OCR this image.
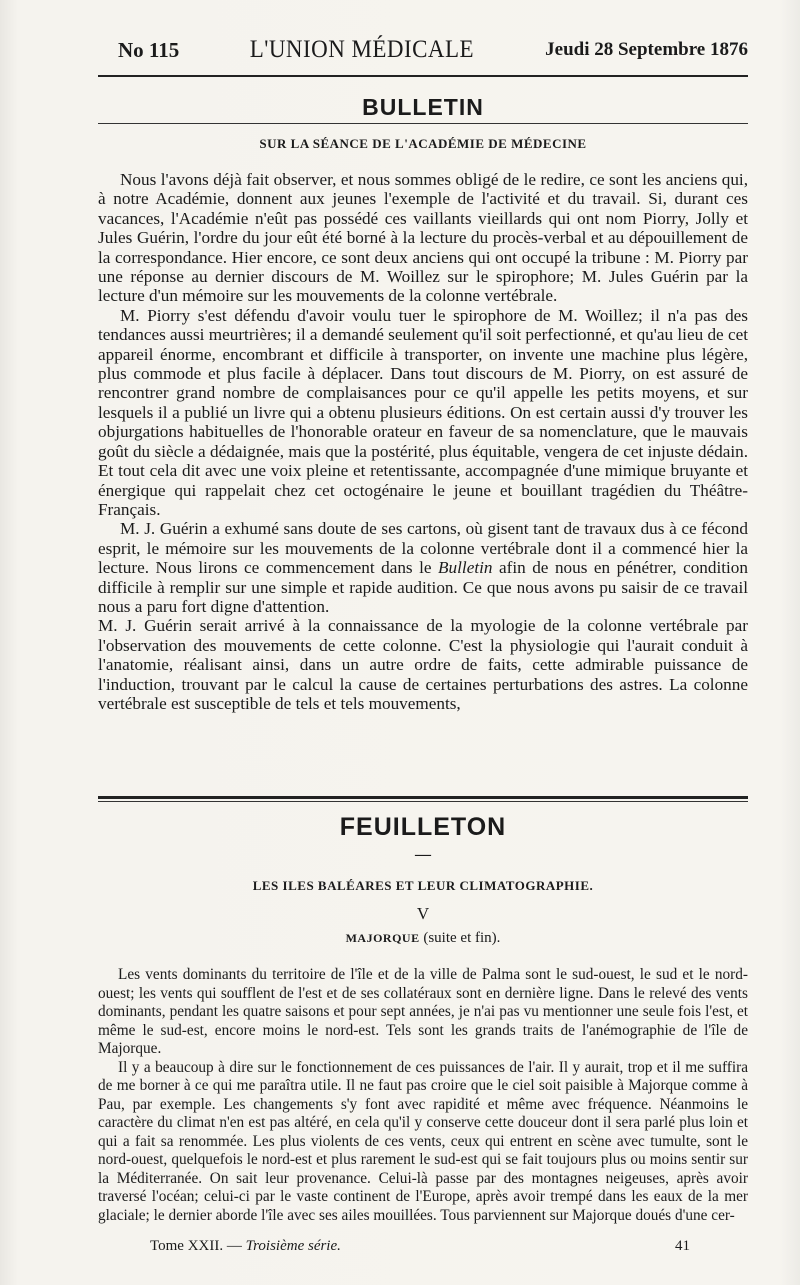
No 115	L'UNION MÉDICALE	Jeudi 28 Septembre 1876
BULLETIN
SUR LA SÉANCE DE L'ACADÉMIE DE MÉDECINE

Nous l'avons déjà fait observer, et nous sommes obligé de le redire, ce sont les anciens qui, à notre Académie, donnent aux jeunes l'exemple de l'activité et du travail. Si, durant ces vacances, l'Académie n'eût pas possédé ces vaillants vieillards qui ont nom Piorry, Jolly et Jules Guérin, l'ordre du jour eût été borné à la lecture du procès-verbal et au dépouillement de la correspondance. Hier encore, ce sont deux anciens qui ont occupé la tribune : M. Piorry par une réponse au dernier discours de M. Woillez sur le spirophore; M. Jules Guérin par la lecture d'un mémoire sur les mouvements de la colonne vertébrale.

M. Piorry s'est défendu d'avoir voulu tuer le spirophore de M. Woillez; il n'a pas des tendances aussi meurtrières; il a demandé seulement qu'il soit perfectionné, et qu'au lieu de cet appareil énorme, encombrant et difficile à transporter, on invente une machine plus légère, plus commode et plus facile à déplacer. Dans tout discours de M. Piorry, on est assuré de rencontrer grand nombre de complaisances pour ce qu'il appelle les petits moyens, et sur lesquels il a publié un livre qui a obtenu plusieurs éditions. On est certain aussi d'y trouver les objurgations habituelles de l'honorable orateur en faveur de sa nomenclature, que le mauvais goût du siècle a dédaignée, mais que la postérité, plus équitable, vengera de cet injuste dédain. Et tout cela dit avec une voix pleine et retentissante, accompagnée d'une mimique bruyante et énergique qui rappelait chez cet octogénaire le jeune et bouillant tragédien du Théâtre-Français.

M. J. Guérin a exhumé sans doute de ses cartons, où gisent tant de travaux dus à ce fécond esprit, le mémoire sur les mouvements de la colonne vertébrale dont il a commencé hier la lecture. Nous lirons ce commencement dans le Bulletin afin de nous en pénétrer, condition difficile à remplir sur une simple et rapide audition. Ce que nous avons pu saisir de ce travail nous a paru fort digne d'attention.

M. J. Guérin serait arrivé à la connaissance de la myologie de la colonne vertébrale par l'observation des mouvements de cette colonne. C'est la physiologie qui l'aurait conduit à l'anatomie, réalisant ainsi, dans un autre ordre de faits, cette admirable puissance de l'induction, trouvant par le calcul la cause de certaines perturbations des astres. La colonne vertébrale est susceptible de tels et tels mouvements,

FEUILLETON
—
LES ILES BALÉARES ET LEUR CLIMATOGRAPHIE.
V
MAJORQUE (suite et fin).

Les vents dominants du territoire de l'île et de la ville de Palma sont le sud-ouest, le sud et le nord-ouest; les vents qui soufflent de l'est et de ses collatéraux sont en dernière ligne. Dans le relevé des vents dominants, pendant les quatre saisons et pour sept années, je n'ai pas vu mentionner une seule fois l'est, et même le sud-est, encore moins le nord-est. Tels sont les grands traits de l'anémographie de l'île de Majorque.

Il y a beaucoup à dire sur le fonctionnement de ces puissances de l'air. Il y aurait, trop et il me suffira de me borner à ce qui me paraîtra utile. Il ne faut pas croire que le ciel soit paisible à Majorque comme à Pau, par exemple. Les changements s'y font avec rapidité et même avec fréquence. Néanmoins le caractère du climat n'en est pas altéré, en cela qu'il y conserve cette douceur dont il sera parlé plus loin et qui a fait sa renommée. Les plus violents de ces vents, ceux qui entrent en scène avec tumulte, sont le nord-ouest, quelquefois le nord-est et plus rarement le sud-est qui se fait toujours plus ou moins sentir sur la Méditerranée. On sait leur provenance. Celui-là passe par des montagnes neigeuses, après avoir traversé l'océan; celui-ci par le vaste continent de l'Europe, après avoir trempé dans les eaux de la mer glaciale; le dernier aborde l'île avec ses ailes mouillées. Tous parviennent sur Majorque doués d'une cer-

Tome XXII. — Troisième série.	41
